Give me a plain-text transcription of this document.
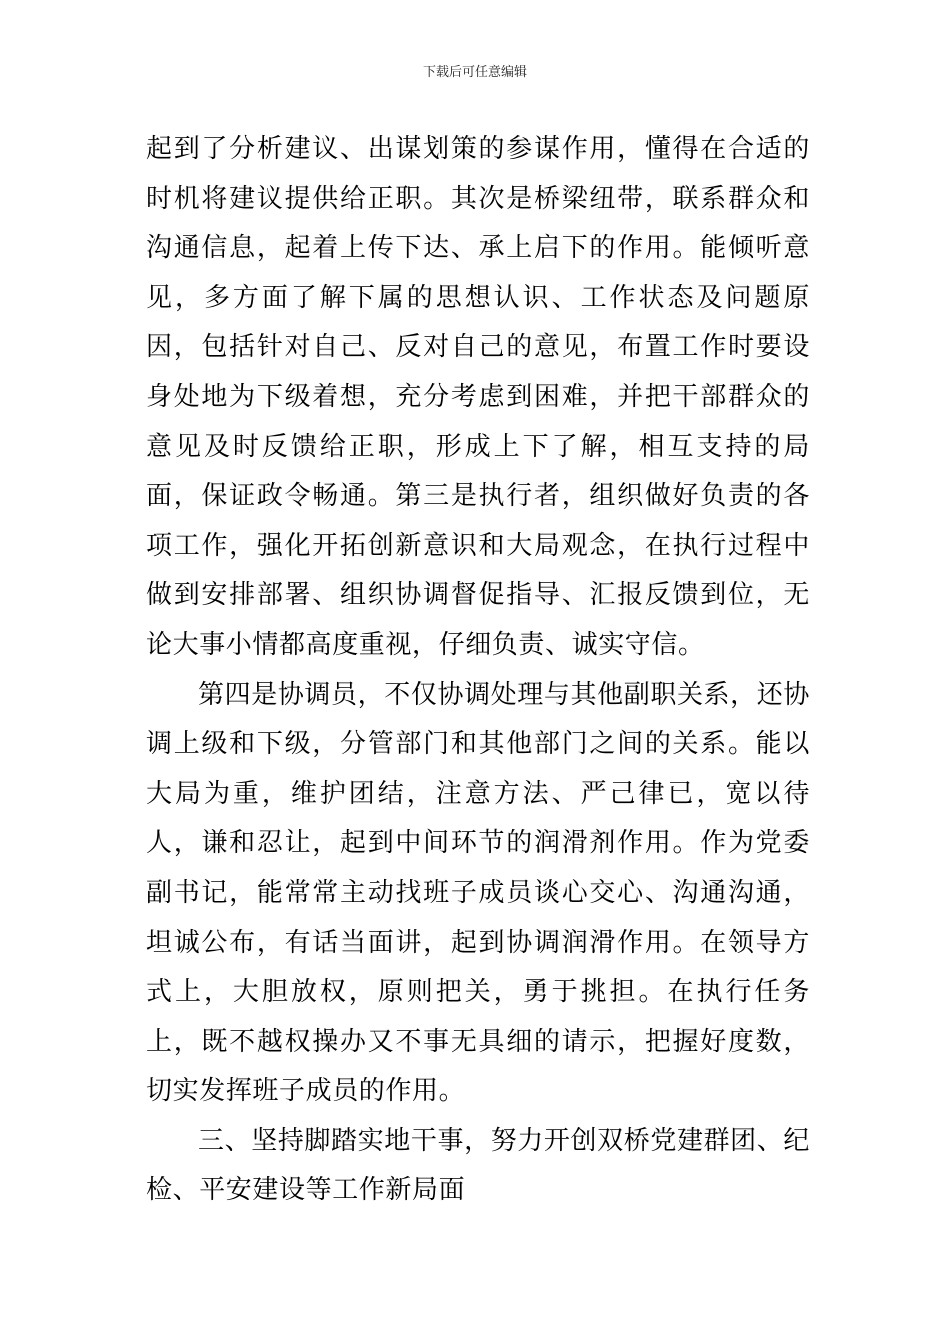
下载后可任意编辑

起到了分析建议、出谋划策的参谋作用，懂得在合适的时机将建议提供给正职。其次是桥梁纽带，联系群众和沟通信息，起着上传下达、承上启下的作用。能倾听意见，多方面了解下属的思想认识、工作状态及问题原因，包括针对自己、反对自己的意见，布置工作时要设身处地为下级着想，充分考虑到困难，并把干部群众的意见及时反馈给正职，形成上下了解，相互支持的局面，保证政令畅通。第三是执行者，组织做好负责的各项工作，强化开拓创新意识和大局观念，在执行过程中做到安排部署、组织协调督促指导、汇报反馈到位，无论大事小情都高度重视，仔细负责、诚实守信。

第四是协调员，不仅协调处理与其他副职关系，还协调上级和下级，分管部门和其他部门之间的关系。能以大局为重，维护团结，注意方法、严己律已，宽以待人，谦和忍让，起到中间环节的润滑剂作用。作为党委副书记，能常常主动找班子成员谈心交心、沟通沟通，坦诚公布，有话当面讲，起到协调润滑作用。在领导方式上，大胆放权，原则把关，勇于挑担。在执行任务上，既不越权操办又不事无具细的请示，把握好度数，切实发挥班子成员的作用。

三、坚持脚踏实地干事，努力开创双桥党建群团、纪检、平安建设等工作新局面
